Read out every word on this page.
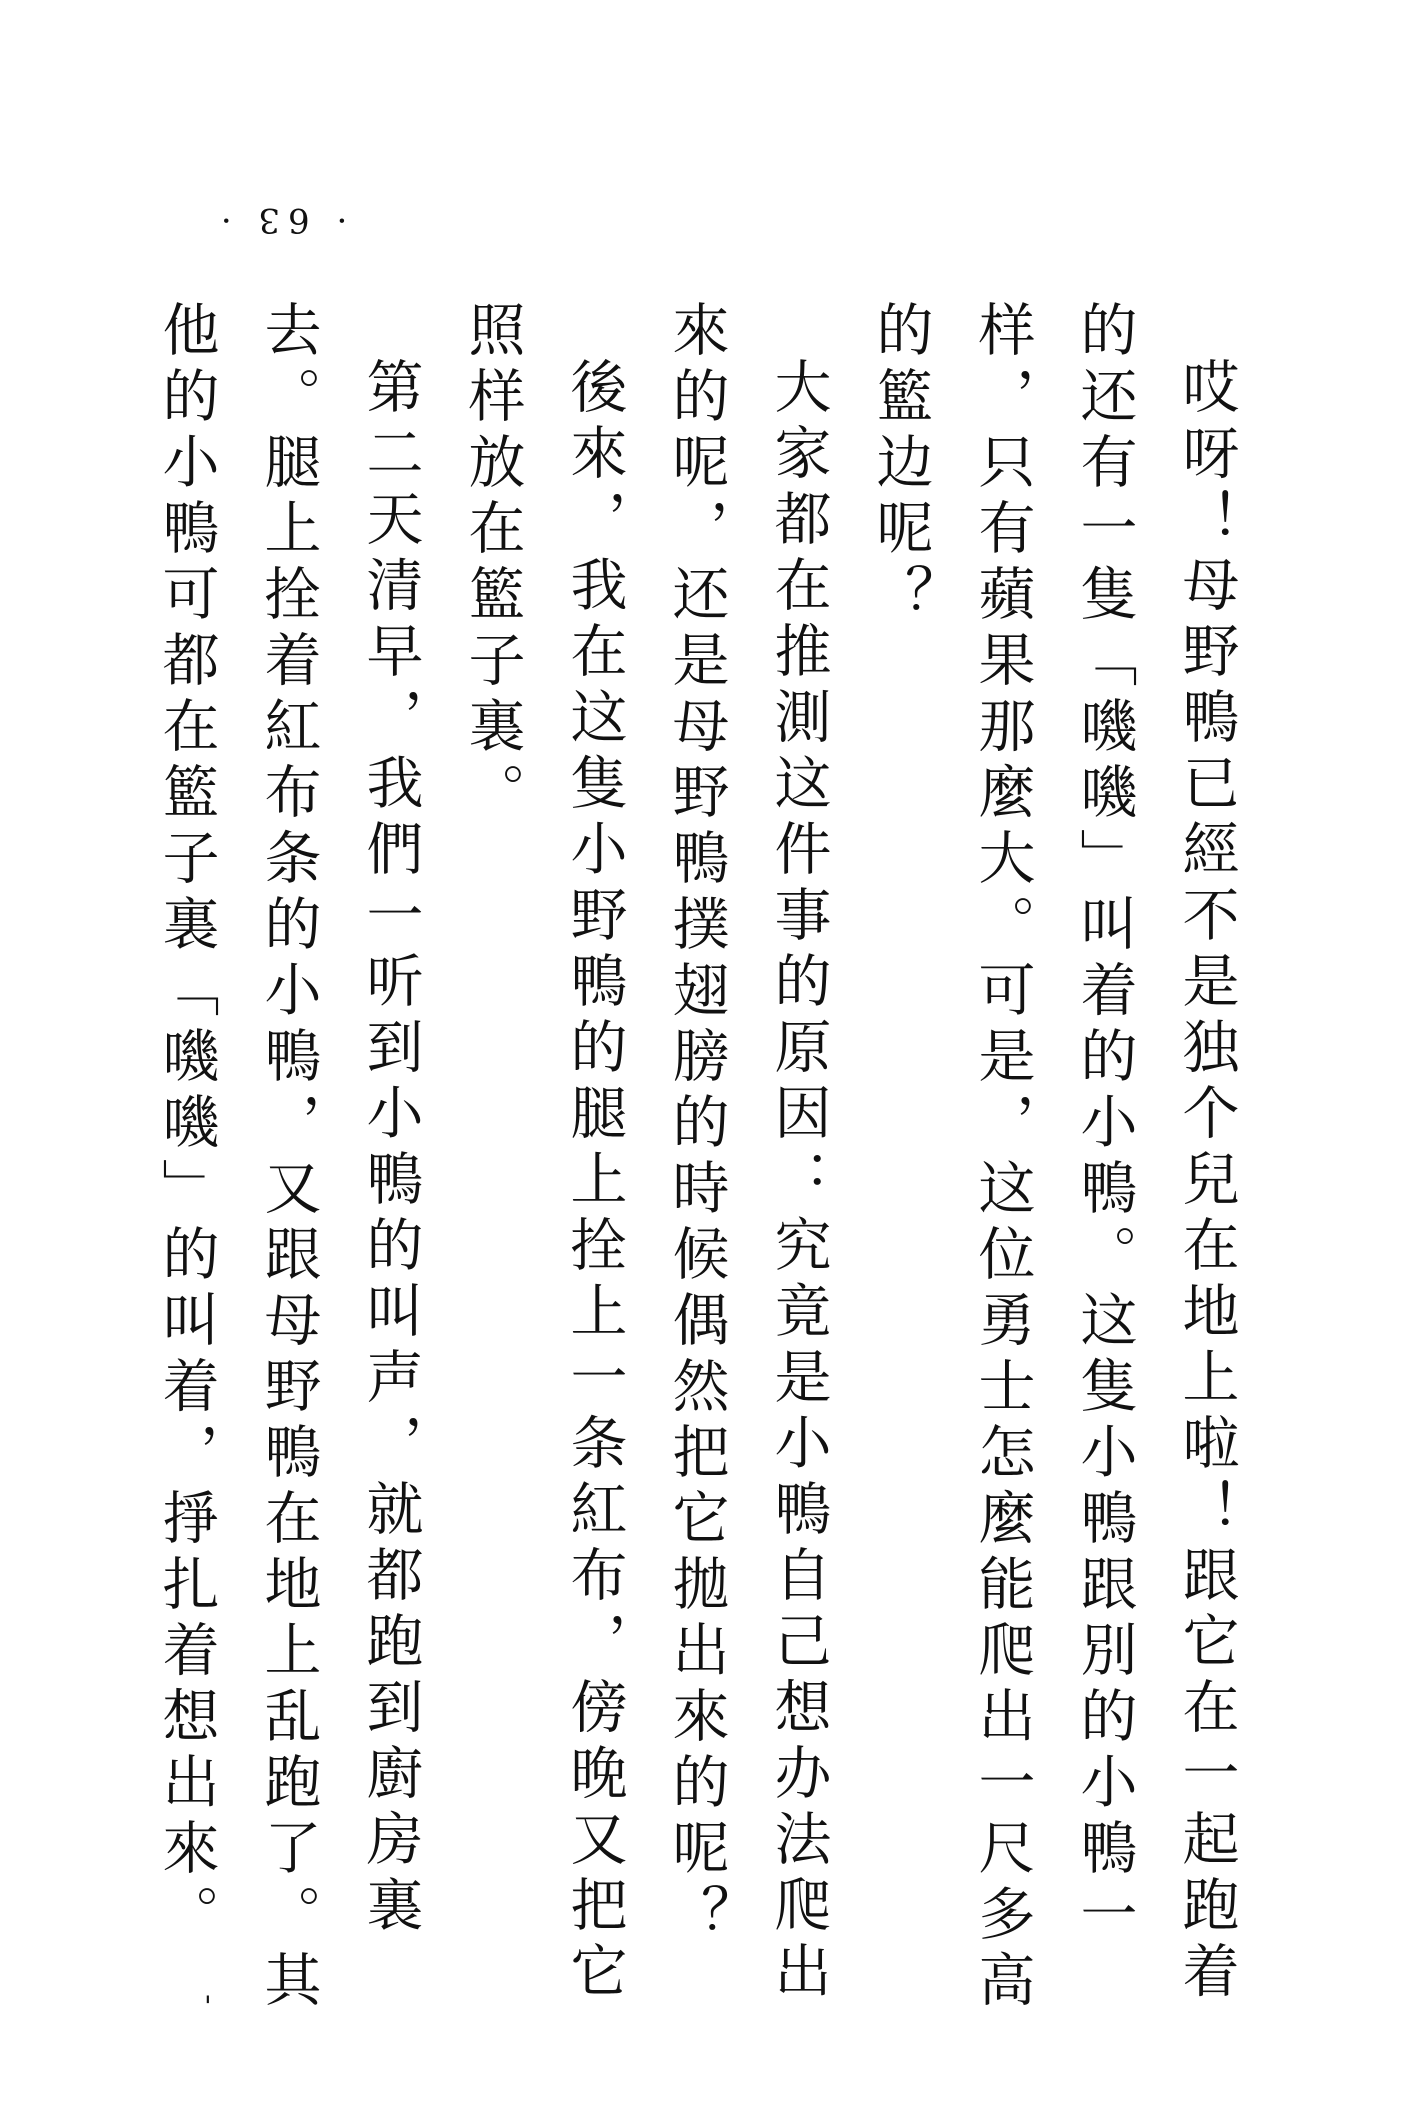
· 63 ·

哎呀！母野鴨已經不是独个兒在地上啦！跟它在一起跑着的还有一隻「嘰嘰」叫着的小鴨。这隻小鴨跟別的小鴨一样，只有蘋果那麼大。可是，这位勇士怎麼能爬出一尺多高的籃边呢？

大家都在推測这件事的原因：究竟是小鴨自己想办法爬出來的呢，还是母野鴨撲翅膀的時候偶然把它拋出來的呢？

後來，我在这隻小野鴨的腿上拴上一条紅布，傍晚又把它照样放在籃子裏。

第二天清早，我們一听到小鴨的叫声，就都跑到廚房裏去。腿上拴着紅布条的小鴨，又跟母野鴨在地上乱跑了。其他的小鴨可都在籃子裏「嘰嘰」的叫着，掙扎着想出來。

'
